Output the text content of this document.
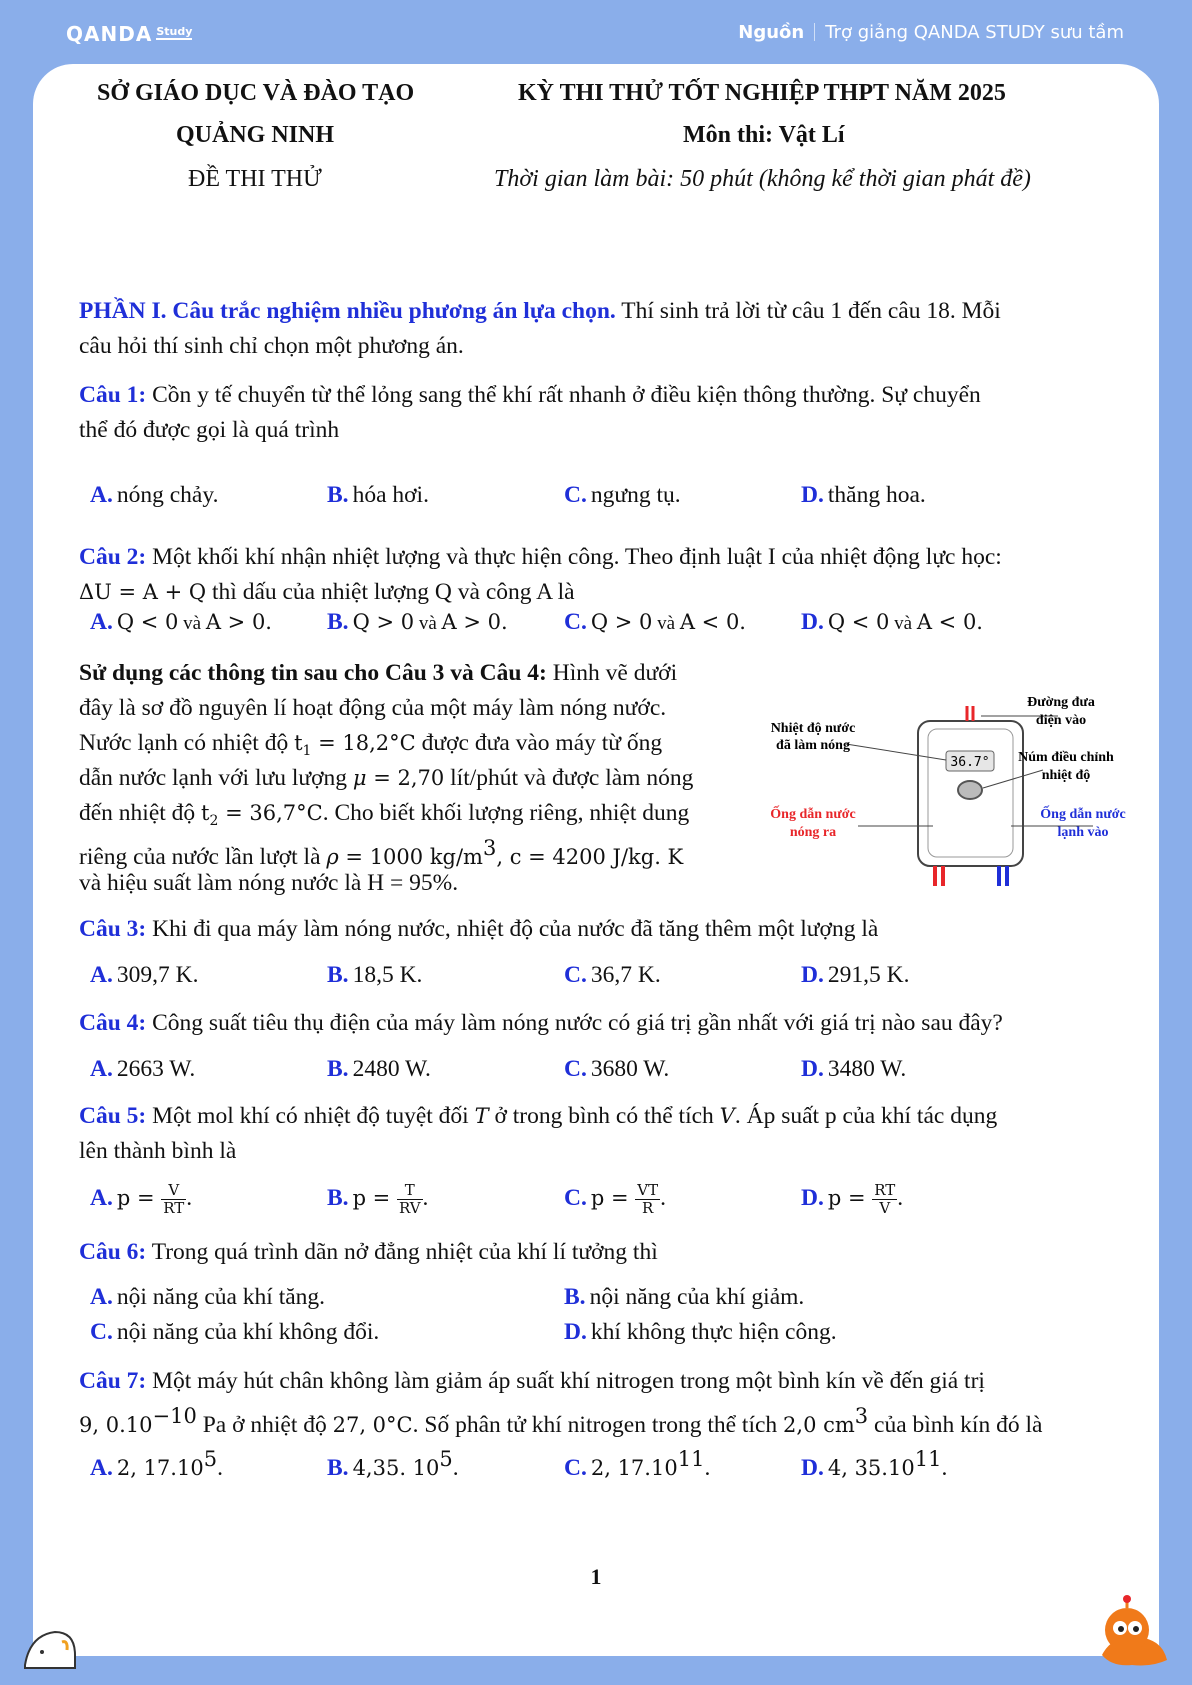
QANDA $^{Study}$	Nguồn Trợ giảng QANDA STUDY sưu tầm
SỞ GIÁO DỤC VÀ ĐÀO TẠO
QUẢNG NINH
ĐỀ THI THỬ
KỲ THI THỬ TỐT NGHIỆP THPT NĂM 2025
Môn thi: Vật Lí
Thời gian làm bài: 50 phút (không kể thời gian phát đề)
PHẦN I. Câu trắc nghiệm nhiều phương án lựa chọn. Thí sinh trả lời từ câu 1 đến câu 18. Mỗi
câu hỏi thí sinh chỉ chọn một phương án.
Câu 1: Cồn y tế chuyển từ thể lỏng sang thể khí rất nhanh ở điều kiện thông thường. Sự chuyển
thể đó được gọi là quá trình
A. nóng chảy.	B. hóa hơi.	C. ngưng tụ.	D. thăng hoa.
Câu 2: Một khối khí nhận nhiệt lượng và thực hiện công. Theo định luật I của nhiệt động lực học:
ΔU = A + Q thì dấu của nhiệt lượng Q và công A là
A. Q < 0 và A > 0. B. Q > 0 và A > 0. C. Q > 0 và A < 0. D. Q < 0 và A < 0.
Sử dụng các thông tin sau cho Câu 3 và Câu 4: Hình vẽ dưới
đây là sơ đồ nguyên lí hoạt động của một máy làm nóng nước.
Nước lạnh có nhiệt độ $t_1 = 18,2^\circ C$ được đưa vào máy từ ống
dẫn nước lạnh với lưu lượng μ = 2,70 lít/phút và được làm nóng
đến nhiệt độ $t_2 = 36,7^\circ C$. Cho biết khối lượng riêng, nhiệt dung
riêng của nước lần lượt là ρ = 1000 $kg/m^3$, c = 4200 J/kg. K
và hiệu suất làm nóng nước là H = 95%.
36.7°
Đường đưa
điện vào
Nhiệt độ nước
đã làm nóng
Núm điều chỉnh
nhiệt độ
Ống dẫn nước
nóng ra
Ống dẫn nước
lạnh vào
Câu 3: Khi đi qua máy làm nóng nước, nhiệt độ của nước đã tăng thêm một lượng là
A. 309,7 K.	B. 18,5 K.	C. 36,7 K.	D. 291,5 K.
Câu 4: Công suất tiêu thụ điện của máy làm nóng nước có giá trị gần nhất với giá trị nào sau đây?
A. 2663 W.	B. 2480 W.	C. 3680 W.	D. 3480 W.
Câu 5: Một mol khí có nhiệt độ tuyệt đối T ở trong bình có thể tích V. Áp suất p của khí tác dụng
lên thành bình là
A. $p = \frac{V}{RT}$ .	B. $p = \frac{T}{RV}$ .	C. $p = \frac{VT}{R}$ .	D. $p = \frac{RT}{V}$ .
Câu 6: Trong quá trình dãn nở đẳng nhiệt của khí lí tưởng thì
A. nội năng của khí tăng.	B. nội năng của khí giảm.
C. nội năng của khí không đổi.	D. khí không thực hiện công.
Câu 7: Một máy hút chân không làm giảm áp suất khí nitrogen trong một bình kín về đến giá trị
9, $0.10^{-10}$ Pa ở nhiệt độ 27, 0°C. Số phân tử khí nitrogen trong thể tích 2,0 $cm^3$ của bình kín đó là
A. 2, 17.10$^5$.	B. 4,35. $10^5$.	C. 2, 17.10$^{11}$.	D. 4, 35.10$^{11}$.
1
